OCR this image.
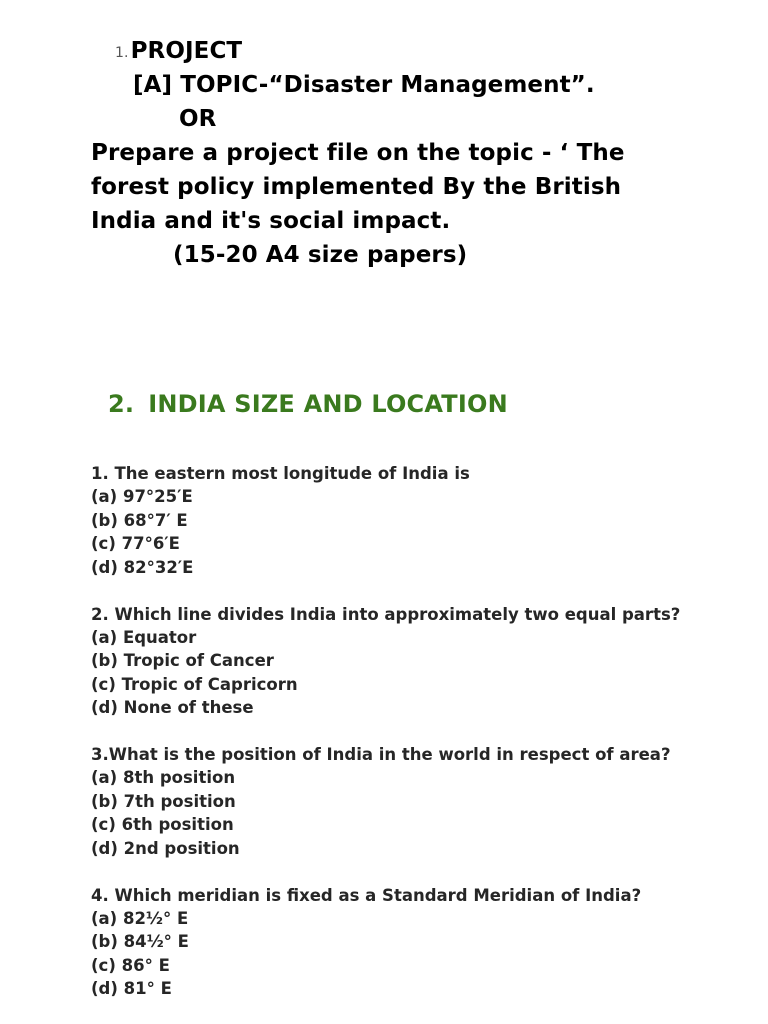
1.PROJECT
[A] TOPIC-“Disaster Management”.
OR
Prepare a project file on the topic - ‘ The
forest policy implemented By the British
India and it's social impact.
(15-20 A4 size papers)
2. INDIA SIZE AND LOCATION
1. The eastern most longitude of India is
(a) 97°25′E
(b) 68°7′ E
(c) 77°6′E
(d) 82°32′E
2. Which line divides India into approximately two equal parts?
(a) Equator
(b) Tropic of Cancer
(c) Tropic of Capricorn
(d) None of these
3.What is the position of India in the world in respect of area?
(a) 8th position
(b) 7th position
(c) 6th position
(d) 2nd position
4. Which meridian is fixed as a Standard Meridian of India?
(a) 82½° E
(b) 84½° E
(c) 86° E
(d) 81° E
